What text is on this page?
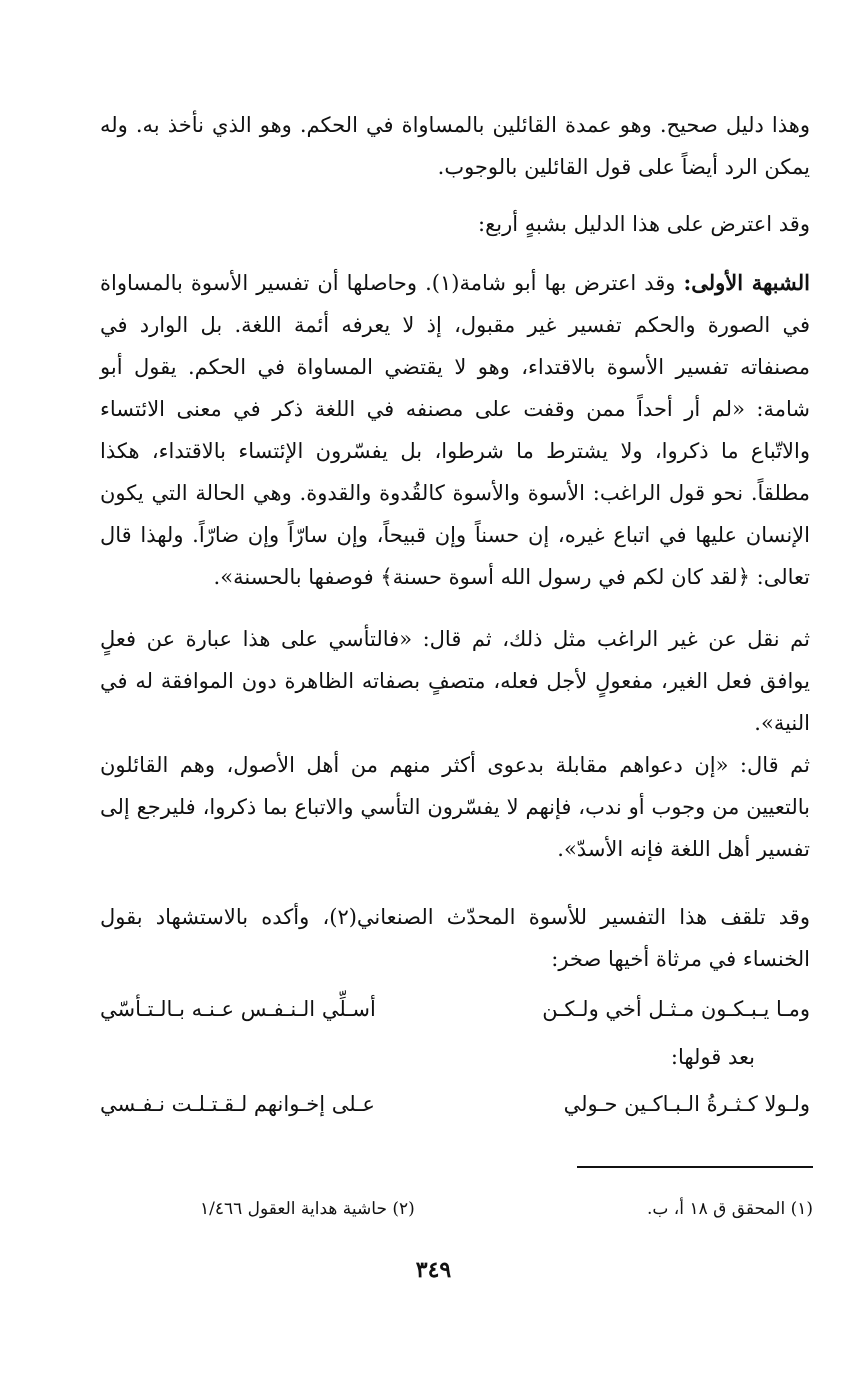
وهذا دليل صحيح. وهو عمدة القائلين بالمساواة في الحكم. وهو الذي نأخذ به. وله يمكن الرد أيضاً على قول القائلين بالوجوب.

وقد اعترض على هذا الدليل بشبهٍ أربع:

الشبهة الأولى: وقد اعترض بها أبو شامة(١). وحاصلها أن تفسير الأسوة بالمساواة في الصورة والحكم تفسير غير مقبول، إذ لا يعرفه أئمة اللغة. بل الوارد في مصنفاته تفسير الأسوة بالاقتداء، وهو لا يقتضي المساواة في الحكم. يقول أبو شامة: «لم أر أحداً ممن وقفت على مصنفه في اللغة ذكر في معنى الائتساء والاتّباع ما ذكروا، ولا يشترط ما شرطوا، بل يفسّرون الإئتساء بالاقتداء، هكذا مطلقاً. نحو قول الراغب: الأسوة والأسوة كالقُدوة والقدوة. وهي الحالة التي يكون الإنسان عليها في اتباع غيره، إن حسناً وإن قبيحاً، وإن سارّاً وإن ضارّاً. ولهذا قال تعالى: ﴿لقد كان لكم في رسول الله أسوة حسنة﴾ فوصفها بالحسنة».

ثم نقل عن غير الراغب مثل ذلك، ثم قال: «فالتأسي على هذا عبارة عن فعلٍ يوافق فعل الغير، مفعولٍ لأجل فعله، متصفٍ بصفاته الظاهرة دون الموافقة له في النية».

ثم قال: «إن دعواهم مقابلة بدعوى أكثر منهم من أهل الأصول، وهم القائلون بالتعيين من وجوب أو ندب، فإنهم لا يفسّرون التأسي والاتباع بما ذكروا، فليرجع إلى تفسير أهل اللغة فإنه الأسدّ».

وقد تلقف هذا التفسير للأسوة المحدّث الصنعاني(٢)، وأكده بالاستشهاد بقول الخنساء في مرثاة أخيها صخر:

ومـا يـبـكـون مـثـل أخي ولـكـن
أسـلِّي الـنـفـس عـنـه بـالـتـأسّي
بعد قولها:
ولـولا كـثـرةُ الـبـاكـين حـولي
عـلى إخـوانهم لـقـتـلـت نـفـسي
(١) المحقق ق ١٨ أ، ب.
(٢) حاشية هداية العقول ١/٤٦٦
٣٤٩
